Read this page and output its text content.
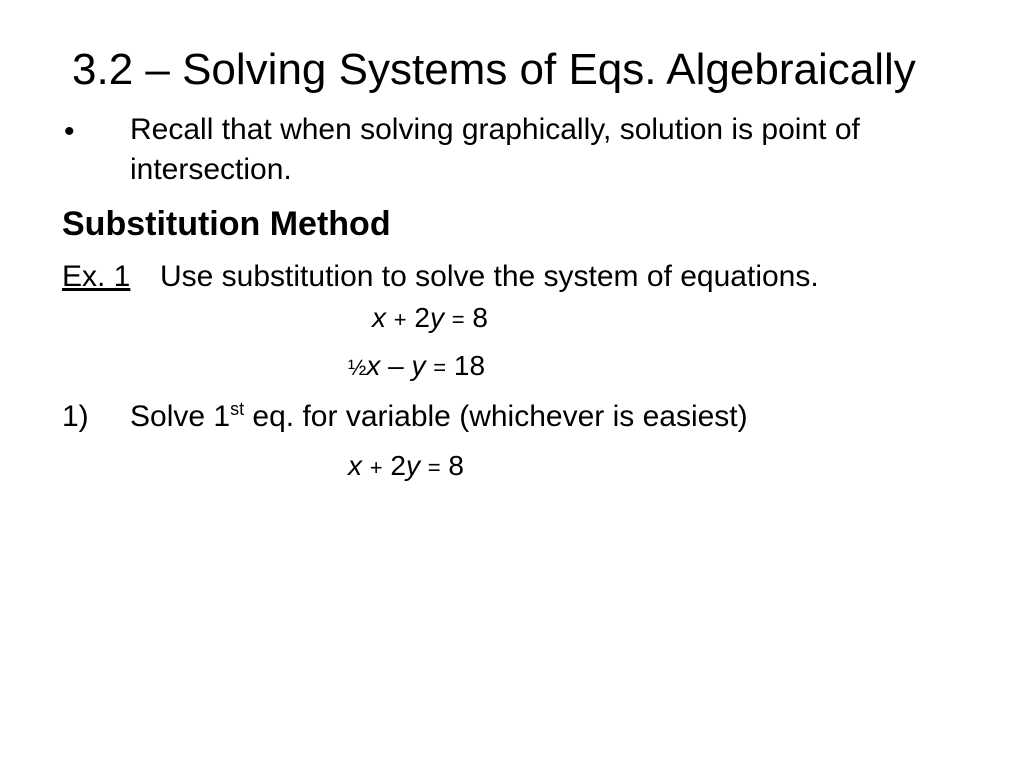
3.2 – Solving Systems of Eqs. Algebraically
• Recall that when solving graphically, solution is point of
intersection.
Substitution Method
Ex. 1 Use substitution to solve the system of equations.
x + 2y = 8
½x – y = 18
1) Solve 1st eq. for variable (whichever is easiest)
x + 2y = 8
